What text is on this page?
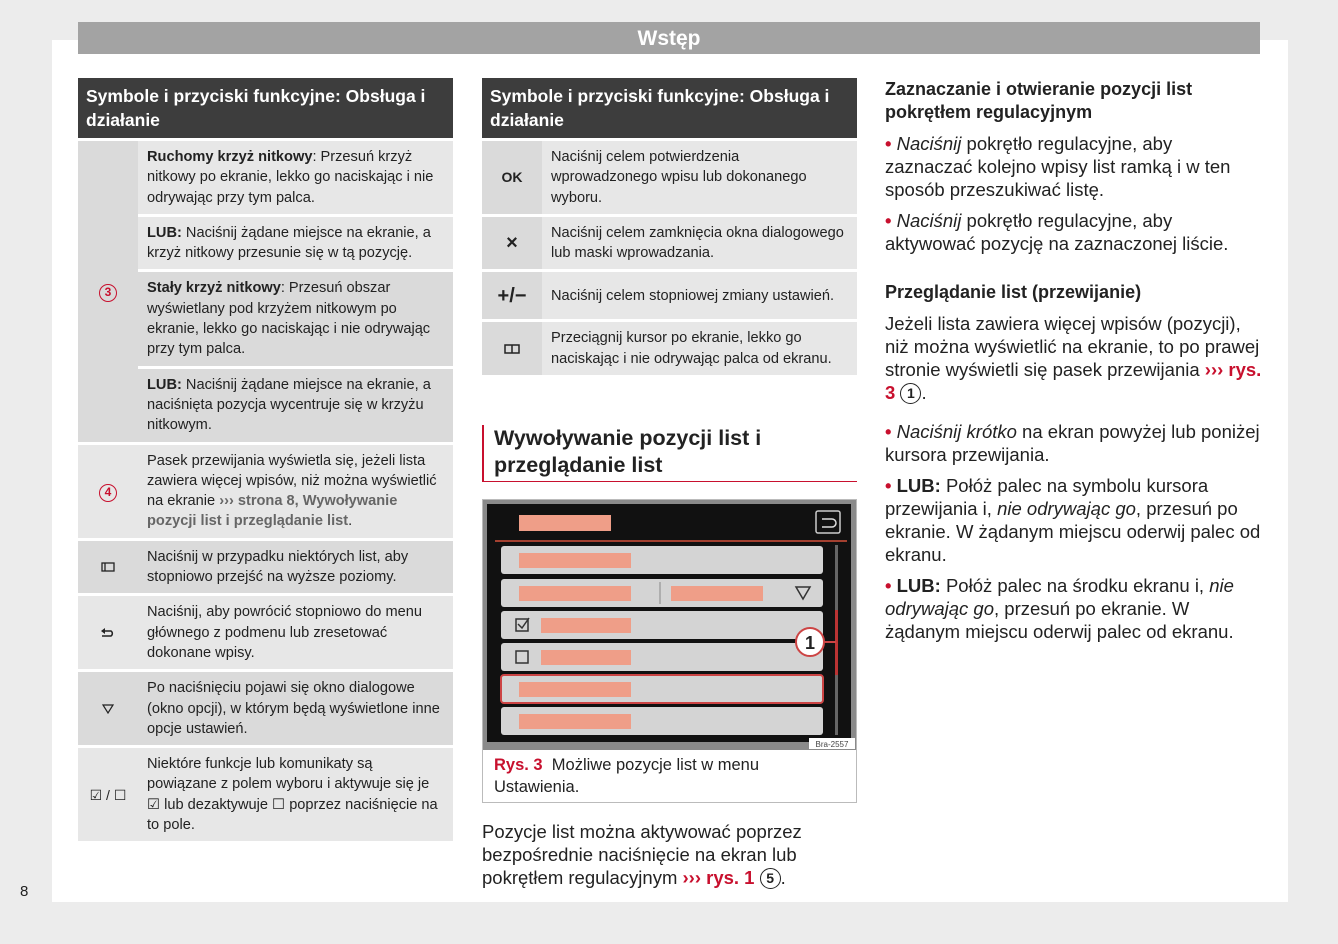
Wstęp
Symbole i przyciski funkcyjne: Obsługa i działanie
3	Ruchomy krzyż nitkowy: Przesuń krzyż nitkowy po ekranie, lekko go naciskając i nie odrywając przy tym palca.
	LUB: Naciśnij żądane miejsce na ekranie, a krzyż nitkowy przesunie się w tą pozycję.
	Stały krzyż nitkowy: Przesuń obszar wyświetlany pod krzyżem nitkowym po ekranie, lekko go naciskając i nie odrywając przy tym palca.
	LUB: Naciśnij żądane miejsce na ekranie, a naciśnięta pozycja wycentruje się w krzyżu nitkowym.
4	Pasek przewijania wyświetla się, jeżeli lista zawiera więcej wpisów, niż można wyświetlić na ekranie ››› strona 8, Wywoływanie pozycji list i przeglądanie list.
	Naciśnij w przypadku niektórych list, aby stopniowo przejść na wyższe poziomy.
	Naciśnij, aby powrócić stopniowo do menu głównego z podmenu lub zresetować dokonane wpisy.
	Po naciśnięciu pojawi się okno dialogowe (okno opcji), w którym będą wyświetlone inne opcje ustawień.
☑ / ☐	Niektóre funkcje lub komunikaty są powiązane z polem wyboru i aktywuje się je ☑ lub dezaktywuje ☐ poprzez naciśnięcie na to pole.
Symbole i przyciski funkcyjne: Obsługa i działanie
OK	Naciśnij celem potwierdzenia wprowadzonego wpisu lub dokonanego wyboru.
×	Naciśnij celem zamknięcia okna dialogowego lub maski wprowadzania.
+/−	Naciśnij celem stopniowej zmiany ustawień.
	Przeciągnij kursor po ekranie, lekko go naciskając i nie odrywając palca od ekranu.
Wywoływanie pozycji list i przeglądanie list
1
Bra-2557
Rys. 3 Możliwe pozycje list w menu Ustawienia.

Pozycje list można aktywować poprzez bezpośrednie naciśnięcie na ekran lub pokrętłem regulacyjnym ››› rys. 1 5 .

Zaznaczanie i otwieranie pozycji list pokrętłem regulacyjnym

• Naciśnij pokrętło regulacyjne, aby zaznaczać kolejno wpisy list ramką i w ten sposób przeszukiwać listę.

• Naciśnij pokrętło regulacyjne, aby aktywować pozycję na zaznaczonej liście.

Przeglądanie list (przewijanie)

Jeżeli lista zawiera więcej wpisów (pozycji), niż można wyświetlić na ekranie, to po prawej stronie wyświetli się pasek przewijania ››› rys. 3 1 .

• Naciśnij krótko na ekran powyżej lub poniżej kursora przewijania.

• LUB: Połóż palec na symbolu kursora przewijania i, nie odrywając go, przesuń po ekranie. W żądanym miejscu oderwij palec od ekranu.

• LUB: Połóż palec na środku ekranu i, nie odrywając go, przesuń po ekranie. W żądanym miejscu oderwij palec od ekranu.

8
